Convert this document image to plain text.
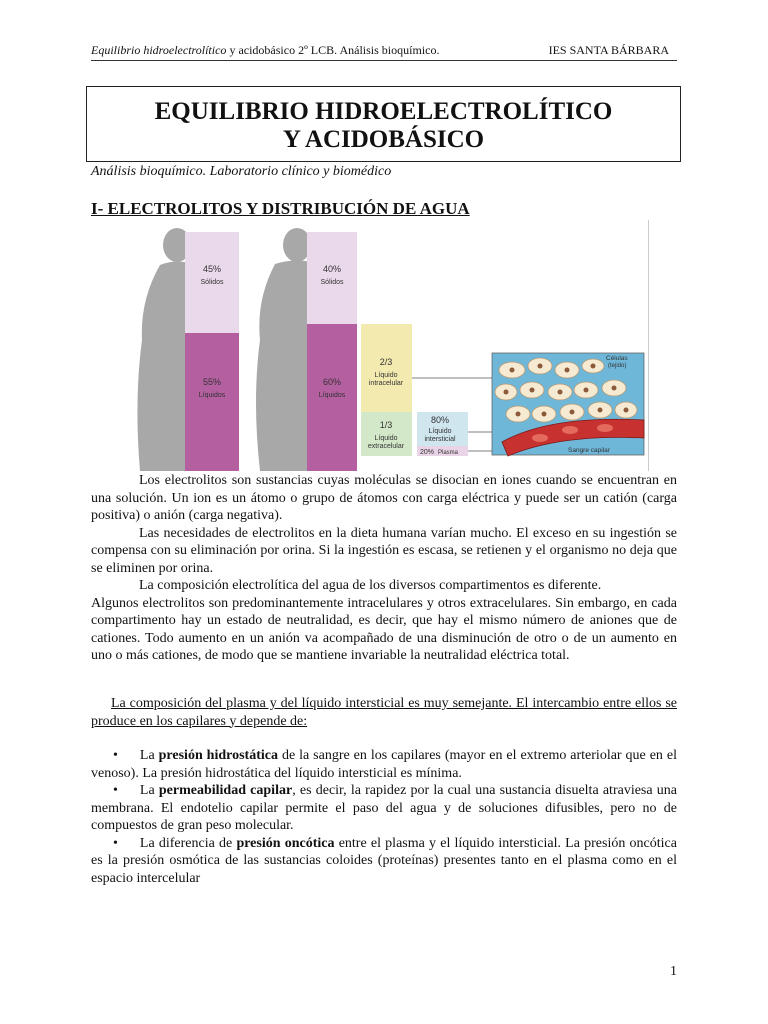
Equilibrio hidroelectrolítico y acidobásico 2º LCB. Análisis bioquímico.	IES SANTA BÁRBARA
EQUILIBRIO HIDROELECTROLÍTICO
Y ACIDOBÁSICO
Análisis bioquímico. Laboratorio clínico y biomédico
I- ELECTROLITOS Y DISTRIBUCIÓN DE AGUA
45%
Sólidos
55%
Líquidos
40%
Sólidos
60%
Líquidos
2/3
Líquido
intracelular
1/3
Líquido
extracelular
80%
Líquido
intersticial
20% Plasma
Células
(tejido)
Sangre capilar

Los electrolitos son sustancias cuyas moléculas se disocian en iones cuando se encuentran en una solución. Un ion es un átomo o grupo de átomos con carga eléctrica y puede ser un catión (carga positiva) o anión (carga negativa).

Las necesidades de electrolitos en la dieta humana varían mucho. El exceso en su ingestión se compensa con su eliminación por orina. Si la ingestión es escasa, se retienen y el organismo no deja que se eliminen por orina.

La composición electrolítica del agua de los diversos compartimentos es diferente.

Algunos electrolitos son predominantemente intracelulares y otros extracelulares. Sin embargo, en cada compartimento hay un estado de neutralidad, es decir, que hay el mismo número de aniones que de cationes. Todo aumento en un anión va acompañado de una disminución de otro o de un aumento en uno o más cationes, de modo que se mantiene invariable la neutralidad eléctrica total.

La composición del plasma y del líquido intersticial es muy semejante. El intercambio entre ellos se produce en los capilares y depende de:

• La presión hidrostática de la sangre en los capilares (mayor en el extremo arteriolar que en el venoso). La presión hidrostática del líquido intersticial es mínima.

• La permeabilidad capilar, es decir, la rapidez por la cual una sustancia disuelta atraviesa una membrana. El endotelio capilar permite el paso del agua y de soluciones difusibles, pero no de compuestos de gran peso molecular.

• La diferencia de presión oncótica entre el plasma y el líquido intersticial. La presión oncótica es la presión osmótica de las sustancias coloides (proteínas) presentes tanto en el plasma como en el espacio intercelular

1
